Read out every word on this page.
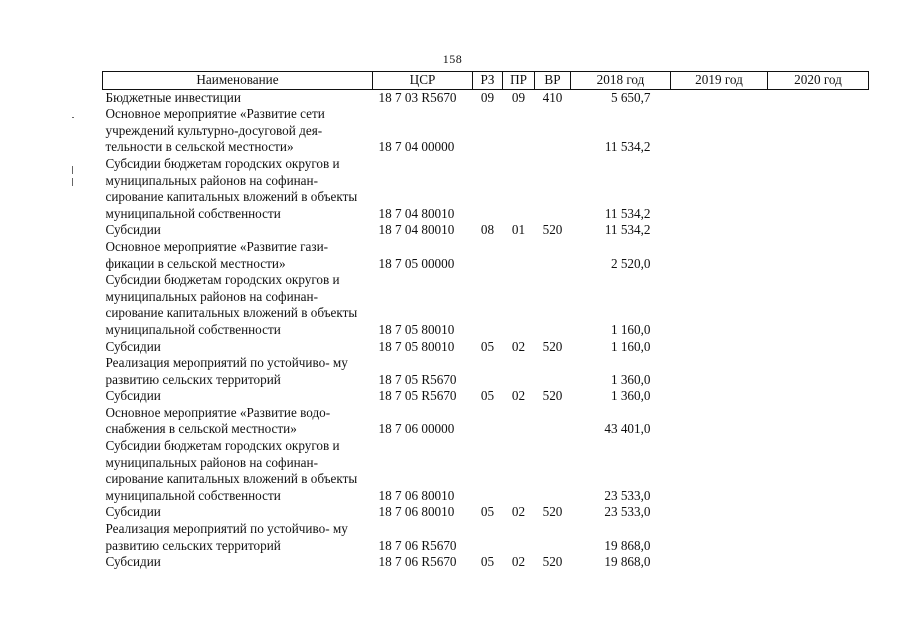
158
Наименование	ЦСР	РЗ	ПР	ВР	2018 год	2019 год	2020 год
Бюджетные инвестиции	18 7 03 R5670	09	09	410	5 650,7		
Основное мероприятие «Развитие сети учреждений культурно-досуговой дея- тельности в сельской местности»	18 7 04 00000				11 534,2		
Субсидии бюджетам городских округов и муниципальных районов на софинан- сирование капитальных вложений в объекты муниципальной собственности	18 7 04 80010				11 534,2		
Субсидии	18 7 04 80010	08	01	520	11 534,2		
Основное мероприятие «Развитие гази- фикации в сельской местности»	18 7 05 00000				2 520,0		
Субсидии бюджетам городских округов и муниципальных районов на софинан- сирование капитальных вложений в объекты муниципальной собственности	18 7 05 80010				1 160,0		
Субсидии	18 7 05 80010	05	02	520	1 160,0		
Реализация мероприятий по устойчиво- му развитию сельских территорий	18 7 05 R5670				1 360,0		
Субсидии	18 7 05 R5670	05	02	520	1 360,0		
Основное мероприятие «Развитие водо- снабжения в сельской местности»	18 7 06 00000				43 401,0		
Субсидии бюджетам городских округов и муниципальных районов на софинан- сирование капитальных вложений в объекты муниципальной собственности	18 7 06 80010				23 533,0		
Субсидии	18 7 06 80010	05	02	520	23 533,0		
Реализация мероприятий по устойчиво- му развитию сельских территорий	18 7 06 R5670				19 868,0		
Субсидии	18 7 06 R5670	05	02	520	19 868,0		
